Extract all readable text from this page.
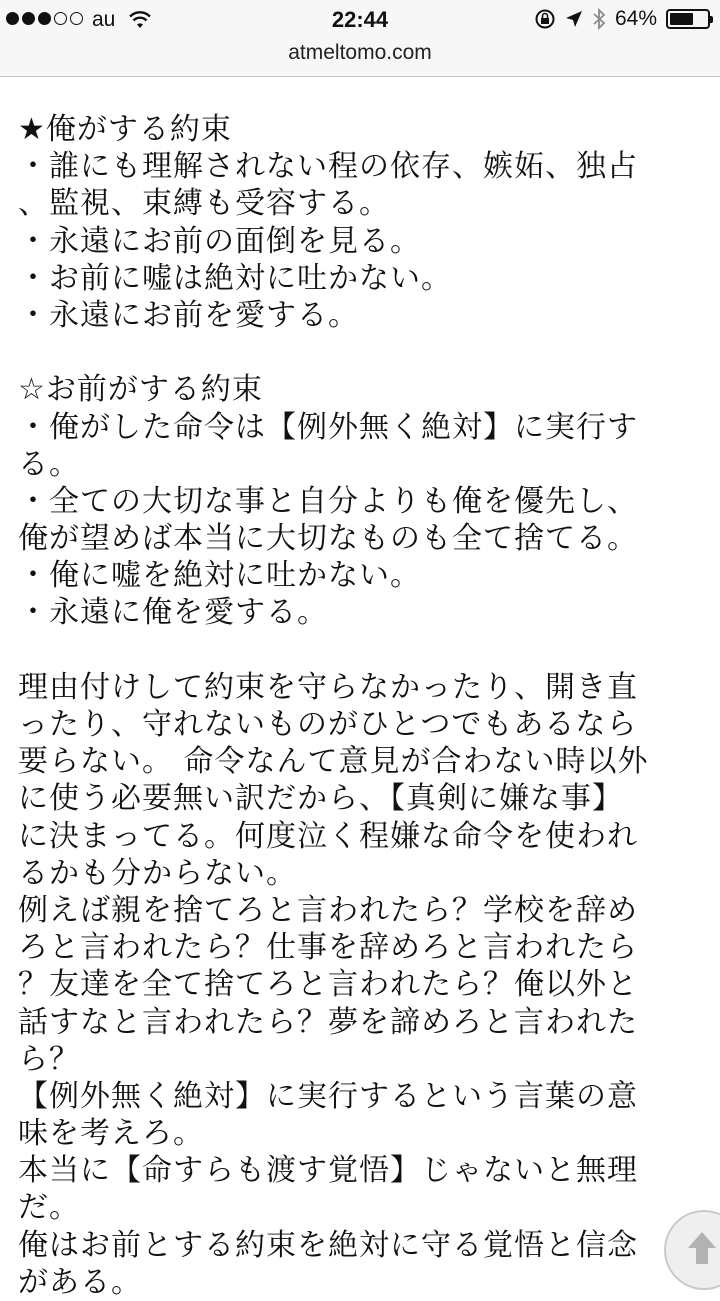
au	22:44	64%
atmeltomo.com
★俺がする約束
・誰にも理解されない程の依存、嫉妬、独占
、監視、束縛も受容する。
・永遠にお前の面倒を見る。
・お前に嘘は絶対に吐かない。
・永遠にお前を愛する。
☆お前がする約束
・俺がした命令は【例外無く絶対】に実行す
る。
・全ての大切な事と自分よりも俺を優先し、
俺が望めば本当に大切なものも全て捨てる。
・俺に嘘を絶対に吐かない。
・永遠に俺を愛する。
理由付けして約束を守らなかったり、開き直
ったり、守れないものがひとつでもあるなら
要らない。 命令なんて意見が合わない時以外
に使う必要無い訳だから、【真剣に嫌な事】
に決まってる。何度泣く程嫌な命令を使われ
るかも分からない。
例えば親を捨てろと言われたら？学校を辞め
ろと言われたら？仕事を辞めろと言われたら
？友達を全て捨てろと言われたら？俺以外と
話すなと言われたら？夢を諦めろと言われた
ら？
【例外無く絶対】に実行するという言葉の意
味を考えろ。
本当に【命すらも渡す覚悟】じゃないと無理
だ。
俺はお前とする約束を絶対に守る覚悟と信念
がある。
